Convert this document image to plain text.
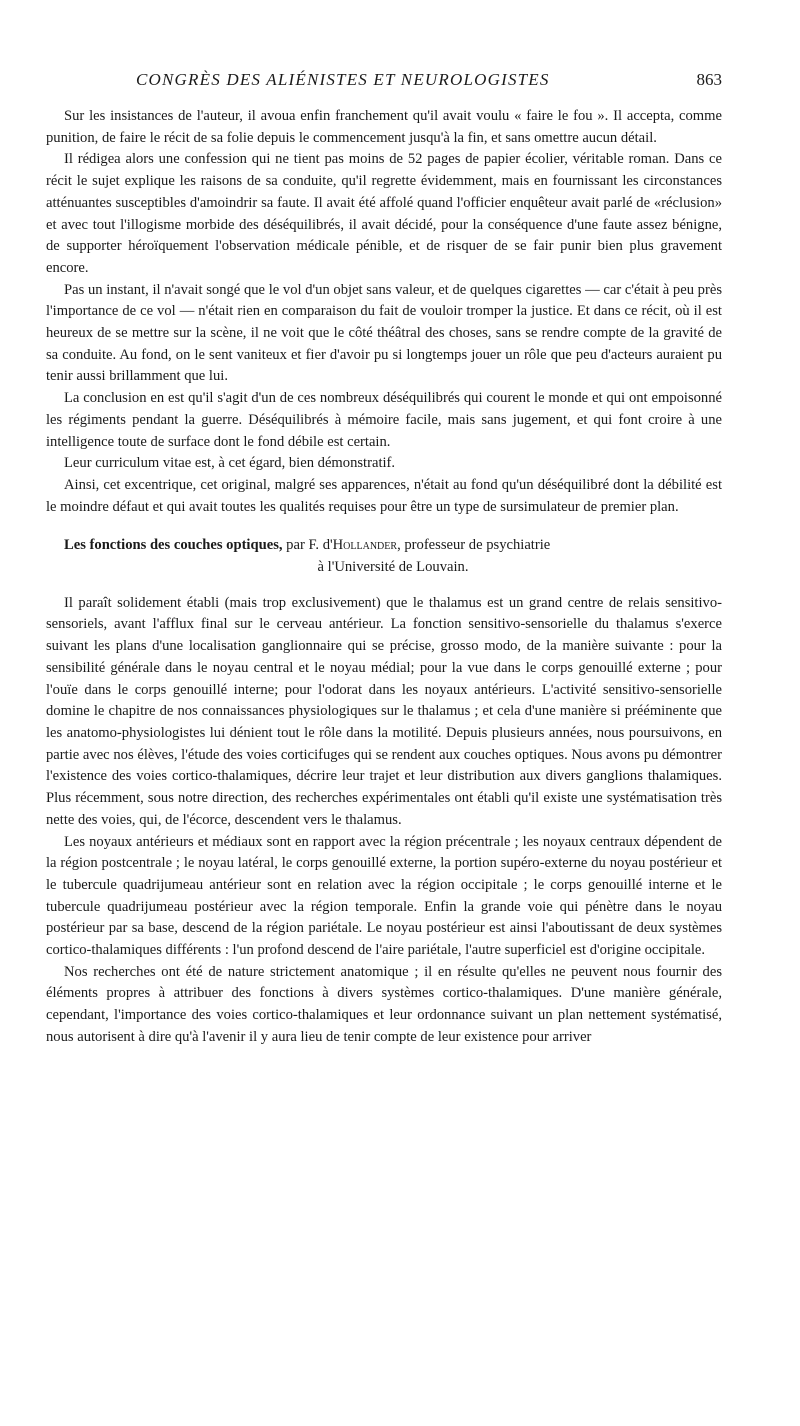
CONGRÈS DES ALIÉNISTES ET NEUROLOGISTES	863

Sur les insistances de l'auteur, il avoua enfin franchement qu'il avait voulu « faire le fou ». Il accepta, comme punition, de faire le récit de sa folie depuis le commencement jusqu'à la fin, et sans omettre aucun détail.

Il rédigea alors une confession qui ne tient pas moins de 52 pages de papier écolier, véritable roman. Dans ce récit le sujet explique les raisons de sa conduite, qu'il regrette évidemment, mais en fournissant les circonstances atténuantes susceptibles d'amoindrir sa faute. Il avait été affolé quand l'officier enquêteur avait parlé de «réclusion» et avec tout l'illogisme morbide des déséquilibrés, il avait décidé, pour la conséquence d'une faute assez bénigne, de supporter héroïquement l'observation médicale pénible, et de risquer de se fair punir bien plus gravement encore.

Pas un instant, il n'avait songé que le vol d'un objet sans valeur, et de quelques cigarettes — car c'était à peu près l'importance de ce vol — n'était rien en comparaison du fait de vouloir tromper la justice. Et dans ce récit, où il est heureux de se mettre sur la scène, il ne voit que le côté théâtral des choses, sans se rendre compte de la gravité de sa conduite. Au fond, on le sent vaniteux et fier d'avoir pu si longtemps jouer un rôle que peu d'acteurs auraient pu tenir aussi brillamment que lui.

La conclusion en est qu'il s'agit d'un de ces nombreux déséquilibrés qui courent le monde et qui ont empoisonné les régiments pendant la guerre. Déséquilibrés à mémoire facile, mais sans jugement, et qui font croire à une intelligence toute de surface dont le fond débile est certain.

Leur curriculum vitae est, à cet égard, bien démonstratif.

Ainsi, cet excentrique, cet original, malgré ses apparences, n'était au fond qu'un déséquilibré dont la débilité est le moindre défaut et qui avait toutes les qualités requises pour être un type de sursimulateur de premier plan.

Les fonctions des couches optiques, par F. d'Hollander, professeur de psychiatrie

à l'Université de Louvain.

Il paraît solidement établi (mais trop exclusivement) que le thalamus est un grand centre de relais sensitivo-sensoriels, avant l'afflux final sur le cerveau antérieur. La fonction sensitivo-sensorielle du thalamus s'exerce suivant les plans d'une localisation ganglionnaire qui se précise, grosso modo, de la manière suivante : pour la sensibilité générale dans le noyau central et le noyau médial; pour la vue dans le corps genouillé externe ; pour l'ouïe dans le corps genouillé interne; pour l'odorat dans les noyaux antérieurs. L'activité sensitivo-sensorielle domine le chapitre de nos connaissances physiologiques sur le thalamus ; et cela d'une manière si prééminente que les anatomo-physiologistes lui dénient tout le rôle dans la motilité. Depuis plusieurs années, nous poursuivons, en partie avec nos élèves, l'étude des voies corticifuges qui se rendent aux couches optiques. Nous avons pu démontrer l'existence des voies cortico-thalamiques, décrire leur trajet et leur distribution aux divers ganglions thalamiques. Plus récemment, sous notre direction, des recherches expérimentales ont établi qu'il existe une systématisation très nette des voies, qui, de l'écorce, descendent vers le thalamus.

Les noyaux antérieurs et médiaux sont en rapport avec la région précentrale ; les noyaux centraux dépendent de la région postcentrale ; le noyau latéral, le corps genouillé externe, la portion supéro-externe du noyau postérieur et le tubercule quadrijumeau antérieur sont en relation avec la région occipitale ; le corps genouillé interne et le tubercule quadrijumeau postérieur avec la région temporale. Enfin la grande voie qui pénètre dans le noyau postérieur par sa base, descend de la région pariétale. Le noyau postérieur est ainsi l'aboutissant de deux systèmes cortico-thalamiques différents : l'un profond descend de l'aire pariétale, l'autre superficiel est d'origine occipitale.

Nos recherches ont été de nature strictement anatomique ; il en résulte qu'elles ne peuvent nous fournir des éléments propres à attribuer des fonctions à divers systèmes cortico-thalamiques. D'une manière générale, cependant, l'importance des voies cortico-thalamiques et leur ordonnance suivant un plan nettement systématisé, nous autorisent à dire qu'à l'avenir il y aura lieu de tenir compte de leur existence pour arriver
